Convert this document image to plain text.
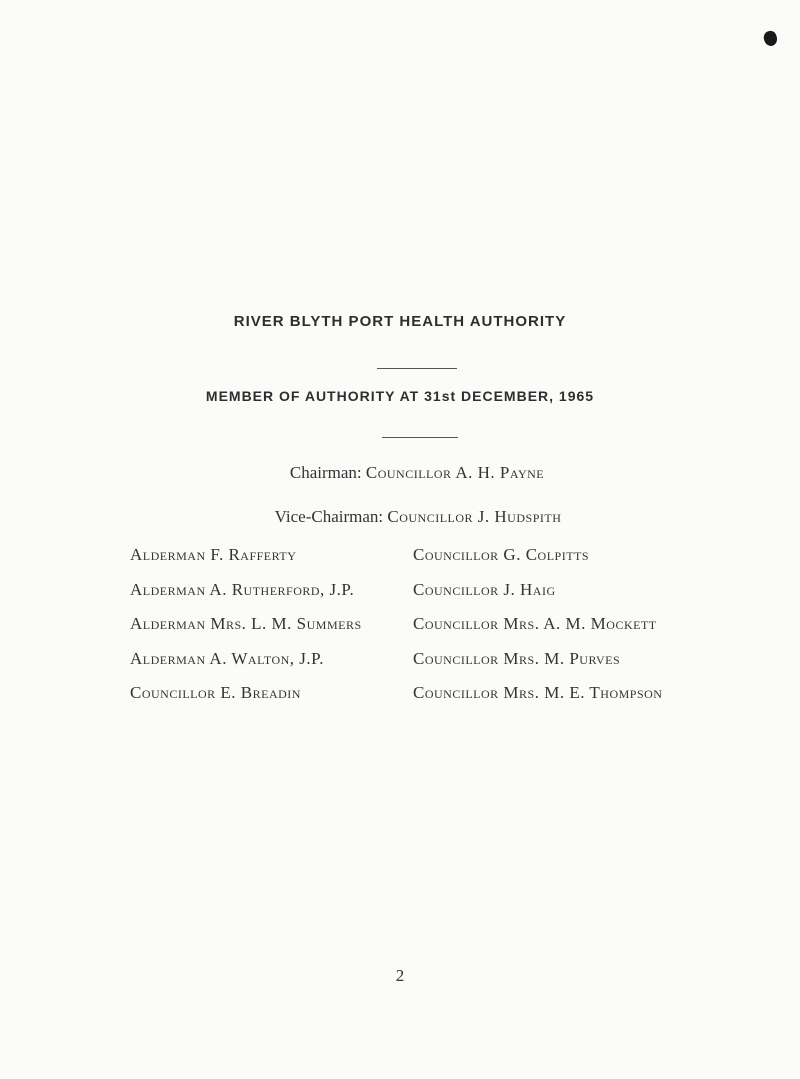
RIVER BLYTH PORT HEALTH AUTHORITY
MEMBER OF AUTHORITY AT 31st DECEMBER, 1965
Chairman: Councillor A. H. Payne
Vice-Chairman: Councillor J. Hudspith
Alderman F. Rafferty
Alderman A. Rutherford, J.P.
Alderman Mrs. L. M. Summers
Alderman A. Walton, J.P.
Councillor E. Breadin
Councillor G. Colpitts
Councillor J. Haig
Councillor Mrs. A. M. Mockett
Councillor Mrs. M. Purves
Councillor Mrs. M. E. Thompson
2
